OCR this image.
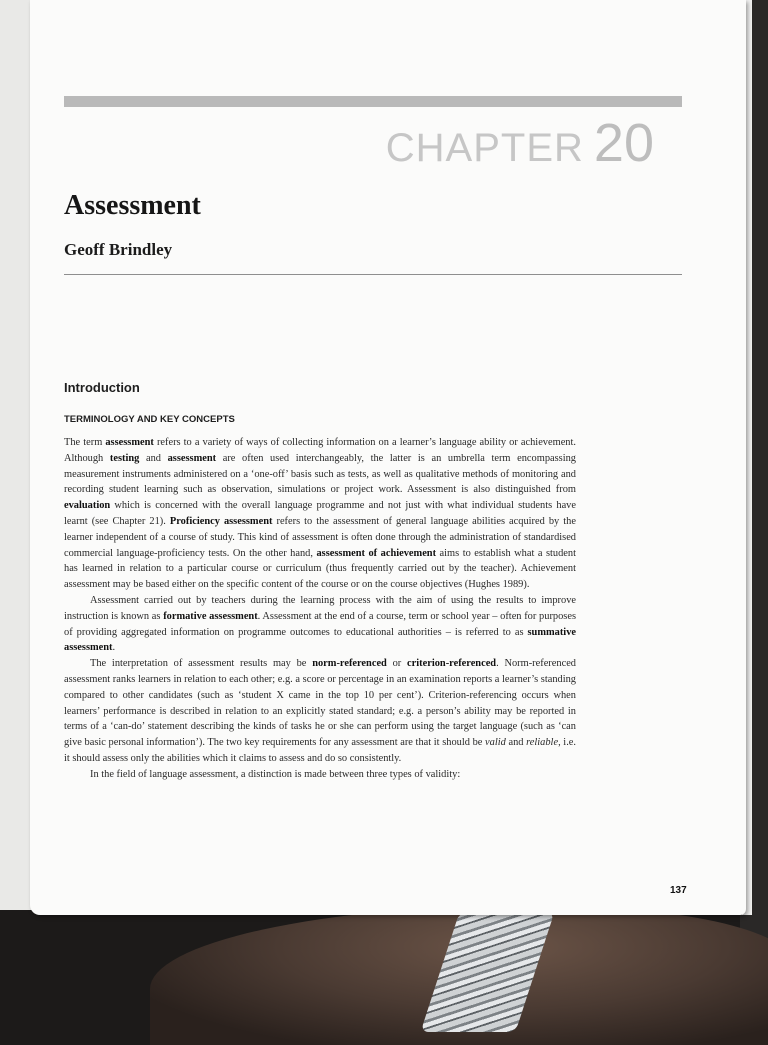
CHAPTER 20
Assessment
Geoff Brindley
Introduction
TERMINOLOGY AND KEY CONCEPTS

The term assessment refers to a variety of ways of collecting information on a learner’s language ability or achievement. Although testing and assessment are often used interchangeably, the latter is an umbrella term encompassing measurement instruments administered on a ‘one-off’ basis such as tests, as well as qualitative methods of monitoring and recording student learning such as observation, simulations or project work. Assessment is also distinguished from evaluation which is concerned with the overall language programme and not just with what individual students have learnt (see Chapter 21). Proficiency assessment refers to the assessment of general language abilities acquired by the learner independent of a course of study. This kind of assessment is often done through the administration of standardised commercial language-proficiency tests. On the other hand, assessment of achievement aims to establish what a student has learned in relation to a particular course or curriculum (thus frequently carried out by the teacher). Achievement assessment may be based either on the specific content of the course or on the course objectives (Hughes 1989).

Assessment carried out by teachers during the learning process with the aim of using the results to improve instruction is known as formative assessment. Assessment at the end of a course, term or school year – often for purposes of providing aggregated information on programme outcomes to educational authorities – is referred to as summative assessment.

The interpretation of assessment results may be norm-referenced or criterion-referenced. Norm-referenced assessment ranks learners in relation to each other; e.g. a score or percentage in an examination reports a learner’s standing compared to other candidates (such as ‘student X came in the top 10 per cent’). Criterion-referencing occurs when learners’ performance is described in relation to an explicitly stated standard; e.g. a person’s ability may be reported in terms of a ‘can-do’ statement describing the kinds of tasks he or she can perform using the target language (such as ‘can give basic personal information’). The two key requirements for any assessment are that it should be valid and reliable, i.e. it should assess only the abilities which it claims to assess and do so consistently.

In the field of language assessment, a distinction is made between three types of validity:

137
